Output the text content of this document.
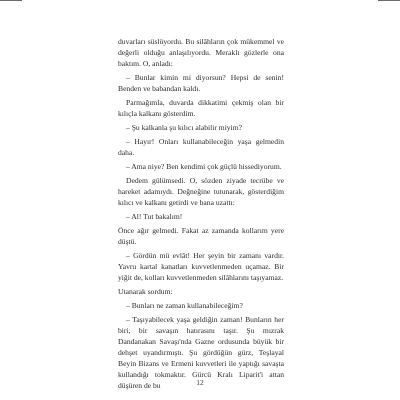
duvarları süslüyordu. Bu silâhların çok mükemmel ve değerli olduğu anlaşılıyordu. Meraklı gözlerle ona baktım. O, anladı:

– Bunlar kimin mi diyorsun? Hepsi de senin! Benden ve babandan kaldı.

Parmağımla, duvarda dikkatimi çekmiş olan bir kılıçla kalkanı gösterdim.

– Şu kalkanla şu kılıcı alabilir miyim?

– Hayır! Onları kullanabileceğin yaşa gelmedin daha.

– Ama niye? Ben kendimi çok güçlü hissediyorum.

Dedem gülümsedi. O, sözden ziyade tecrübe ve hareket adamıydı. Değneğine tutunarak, gösterdiğim kılıcı ve kalkanı getirdi ve bana uzattı:

– Al! Tut bakalım!

Önce ağır gelmedi. Fakat az zamanda kollarım yere düştü.

– Gördün mü evlât! Her şeyin bir zamanı vardır. Yavru kartal kanatları kuvvetlenmeden uçamaz. Bir yiğit de, kolları kuvvetlenmeden silâhlarını taşıyamaz.

Utanarak sordum:

– Bunları ne zaman kullanabileceğim?

– Taşıyabilecek yaşa geldiğin zaman! Bunların her biri, bir savaşın hatırasını taşır. Şu mızrak Dandanakan Savaşı'nda Gazne ordusunda büyük bir dehşet uyandırmıştı. Şu gördüğün gürz, Teşlayal Beyin Bizans ve Ermeni kuvvetleri ile yaptığı savaşta kullandığı tokmaktır. Gürcü Kralı Liparit'i attan düşüren de bu	12
